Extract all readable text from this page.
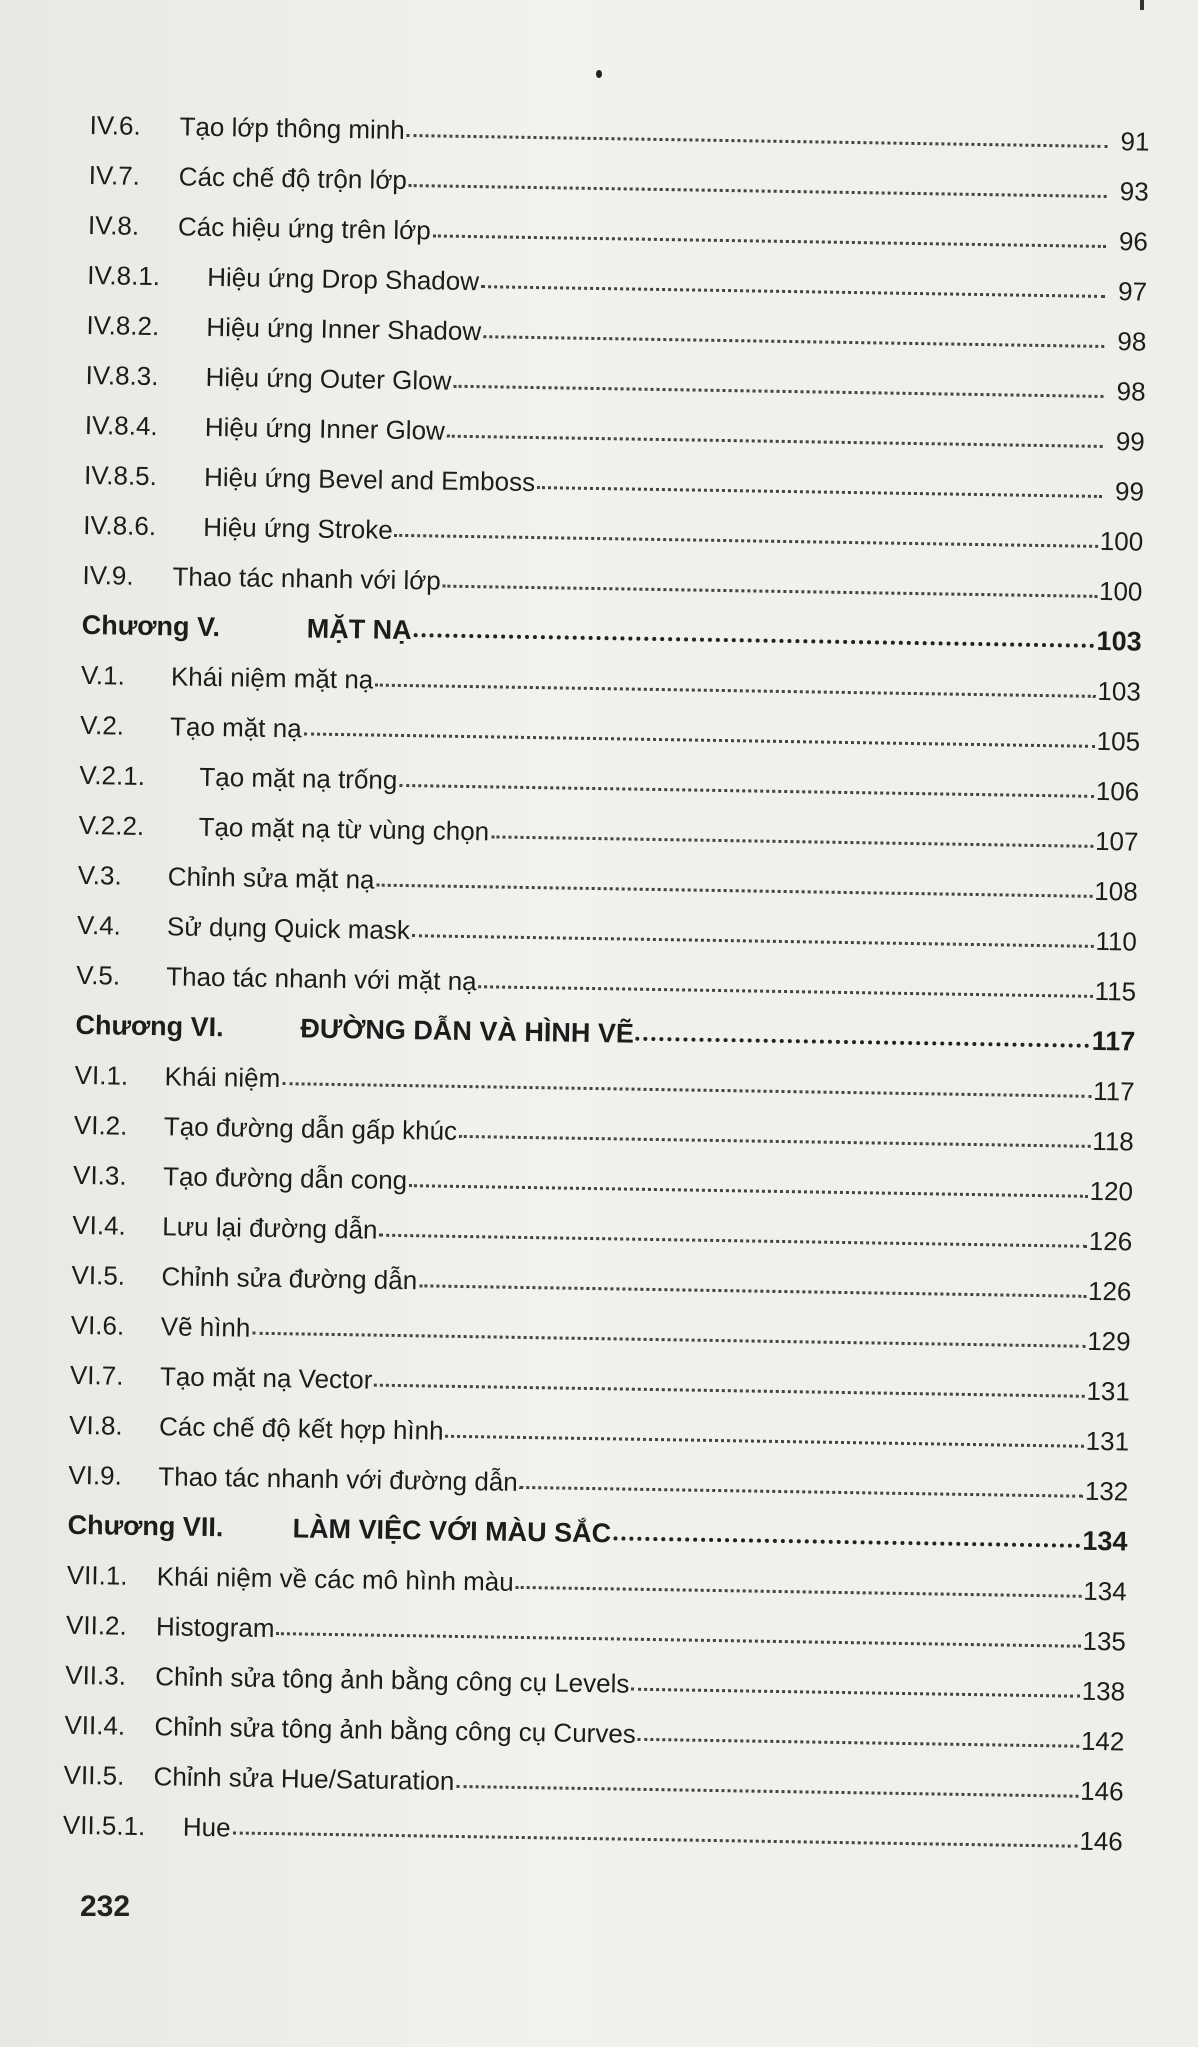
IV.6.	Tạo lớp thông minh	91
IV.7.	Các chế độ trộn lớp	93
IV.8.	Các hiệu ứng trên lớp	96
IV.8.1.	Hiệu ứng Drop Shadow	97
IV.8.2.	Hiệu ứng Inner Shadow	98
IV.8.3.	Hiệu ứng Outer Glow	98
IV.8.4.	Hiệu ứng Inner Glow	99
IV.8.5.	Hiệu ứng Bevel and Emboss	99
IV.8.6.	Hiệu ứng Stroke	100
IV.9.	Thao tác nhanh với lớp	100
Chương V.	MẶT NẠ	103
V.1.	Khái niệm mặt nạ	103
V.2.	Tạo mặt nạ	105
V.2.1.	Tạo mặt nạ trống	106
V.2.2.	Tạo mặt nạ từ vùng chọn	107
V.3.	Chỉnh sửa mặt nạ	108
V.4.	Sử dụng Quick mask	110
V.5.	Thao tác nhanh với mặt nạ	115
Chương VI.	ĐƯỜNG DẪN VÀ HÌNH VẼ	117
VI.1.	Khái niệm	117
VI.2.	Tạo đường dẫn gấp khúc	118
VI.3.	Tạo đường dẫn cong	120
VI.4.	Lưu lại đường dẫn	126
VI.5.	Chỉnh sửa đường dẫn	126
VI.6.	Vẽ hình	129
VI.7.	Tạo mặt nạ Vector	131
VI.8.	Các chế độ kết hợp hình	131
VI.9.	Thao tác nhanh với đường dẫn	132
Chương VII.	LÀM VIỆC VỚI MÀU SẮC	134
VII.1.	Khái niệm về các mô hình màu	134
VII.2.	Histogram	135
VII.3.	Chỉnh sửa tông ảnh bằng công cụ Levels	138
VII.4.	Chỉnh sửa tông ảnh bằng công cụ Curves	142
VII.5.	Chỉnh sửa Hue/Saturation	146
VII.5.1.	Hue	146
232
